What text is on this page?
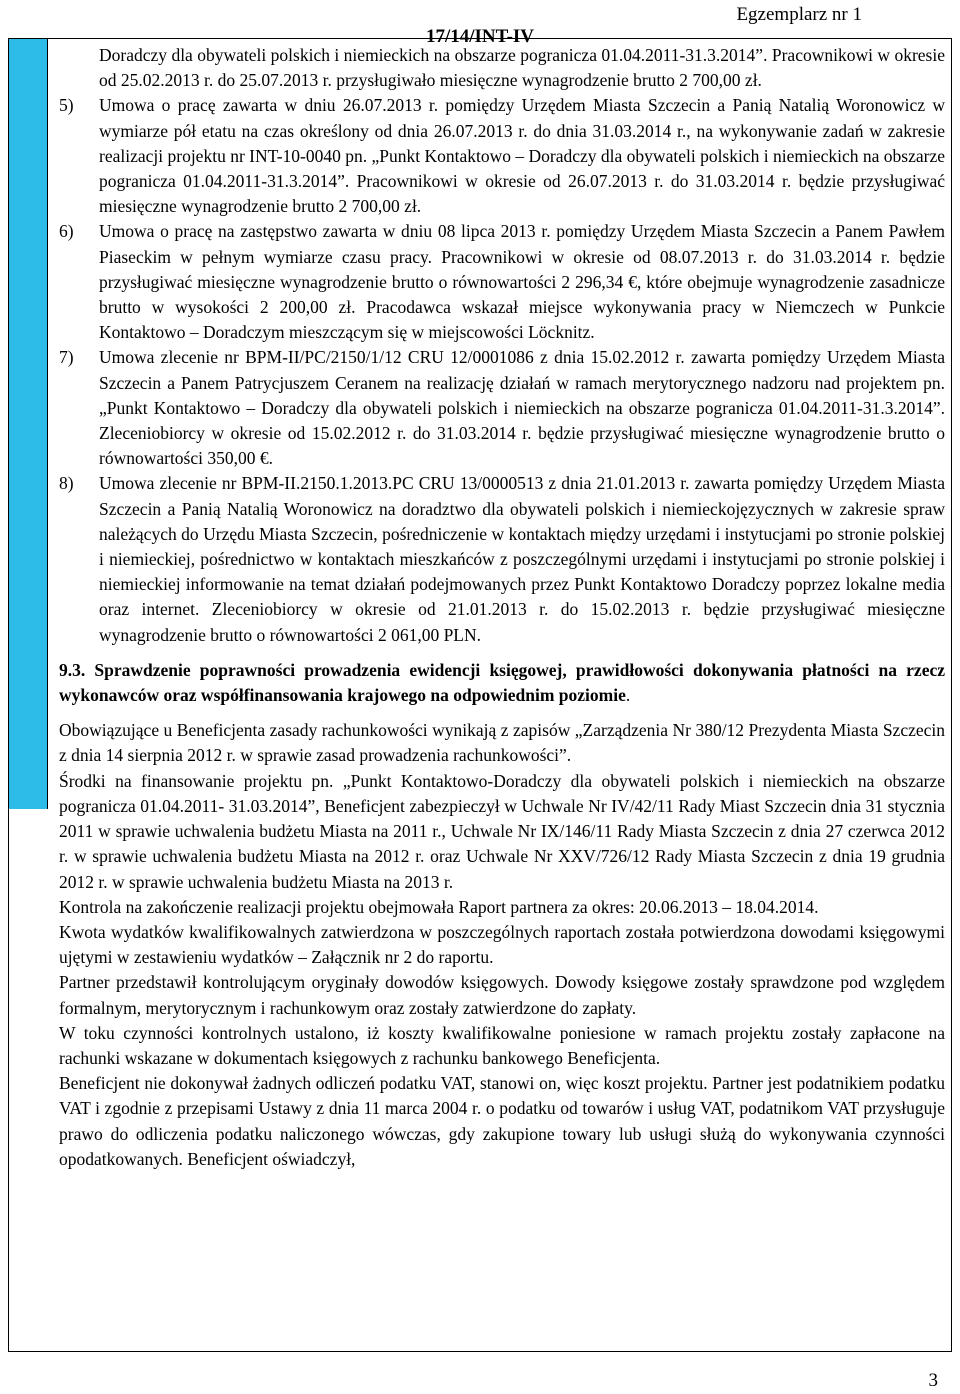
Egzemplarz nr 1
17/14/INT-IV

Doradczy dla obywateli polskich i niemieckich na obszarze pogranicza 01.04.2011-31.3.2014”. Pracownikowi w okresie od 25.02.2013 r. do 25.07.2013 r. przysługiwało miesięczne wynagrodzenie brutto 2 700,00 zł.

5) Umowa o pracę zawarta w dniu 26.07.2013 r. pomiędzy Urzędem Miasta Szczecin a Panią Natalią Woronowicz w wymiarze pół etatu na czas określony od dnia 26.07.2013 r. do dnia 31.03.2014 r., na wykonywanie zadań w zakresie realizacji projektu nr INT-10-0040 pn. „Punkt Kontaktowo – Doradczy dla obywateli polskich i niemieckich na obszarze pogranicza 01.04.2011-31.3.2014”. Pracownikowi w okresie od 26.07.2013 r. do 31.03.2014 r. będzie przysługiwać miesięczne wynagrodzenie brutto 2 700,00 zł.
6) Umowa o pracę na zastępstwo zawarta w dniu 08 lipca 2013 r. pomiędzy Urzędem Miasta Szczecin a Panem Pawłem Piaseckim w pełnym wymiarze czasu pracy. Pracownikowi w okresie od 08.07.2013 r. do 31.03.2014 r. będzie przysługiwać miesięczne wynagrodzenie brutto o równowartości 2 296,34 €, które obejmuje wynagrodzenie zasadnicze brutto w wysokości 2 200,00 zł. Pracodawca wskazał miejsce wykonywania pracy w Niemczech w Punkcie Kontaktowo – Doradczym mieszczącym się w miejscowości Löcknitz.
7) Umowa zlecenie nr BPM-II/PC/2150/1/12 CRU 12/0001086 z dnia 15.02.2012 r. zawarta pomiędzy Urzędem Miasta Szczecin a Panem Patrycjuszem Ceranem na realizację działań w ramach merytorycznego nadzoru nad projektem pn. „Punkt Kontaktowo – Doradczy dla obywateli polskich i niemieckich na obszarze pogranicza 01.04.2011-31.3.2014”. Zleceniobiorcy w okresie od 15.02.2012 r. do 31.03.2014 r. będzie przysługiwać miesięczne wynagrodzenie brutto o równowartości 350,00 €.
8) Umowa zlecenie nr BPM-II.2150.1.2013.PC CRU 13/0000513 z dnia 21.01.2013 r. zawarta pomiędzy Urzędem Miasta Szczecin a Panią Natalią Woronowicz na doradztwo dla obywateli polskich i niemieckojęzycznych w zakresie spraw należących do Urzędu Miasta Szczecin, pośredniczenie w kontaktach między urzędami i instytucjami po stronie polskiej i niemieckiej, pośrednictwo w kontaktach mieszkańców z poszczególnymi urzędami i instytucjami po stronie polskiej i niemieckiej informowanie na temat działań podejmowanych przez Punkt Kontaktowo Doradczy poprzez lokalne media oraz internet. Zleceniobiorcy w okresie od 21.01.2013 r. do 15.02.2013 r. będzie przysługiwać miesięczne wynagrodzenie brutto o równowartości 2 061,00 PLN.

9.3. Sprawdzenie poprawności prowadzenia ewidencji księgowej, prawidłowości dokonywania płatności na rzecz wykonawców oraz współfinansowania krajowego na odpowiednim poziomie.

Obowiązujące u Beneficjenta zasady rachunkowości wynikają z zapisów „Zarządzenia Nr 380/12 Prezydenta Miasta Szczecin z dnia 14 sierpnia 2012 r. w sprawie zasad prowadzenia rachunkowości”.

Środki na finansowanie projektu pn. „Punkt Kontaktowo-Doradczy dla obywateli polskich i niemieckich na obszarze pogranicza 01.04.2011- 31.03.2014”, Beneficjent zabezpieczył w Uchwale Nr IV/42/11 Rady Miast Szczecin dnia 31 stycznia 2011 w sprawie uchwalenia budżetu Miasta na 2011 r., Uchwale Nr IX/146/11 Rady Miasta Szczecin z dnia 27 czerwca 2012 r. w sprawie uchwalenia budżetu Miasta na 2012 r. oraz Uchwale Nr XXV/726/12 Rady Miasta Szczecin z dnia 19 grudnia 2012 r. w sprawie uchwalenia budżetu Miasta na 2013 r.

Kontrola na zakończenie realizacji projektu obejmowała Raport partnera za okres: 20.06.2013 – 18.04.2014.

Kwota wydatków kwalifikowalnych zatwierdzona w poszczególnych raportach została potwierdzona dowodami księgowymi ujętymi w zestawieniu wydatków – Załącznik nr 2 do raportu.

Partner przedstawił kontrolującym oryginały dowodów księgowych. Dowody księgowe zostały sprawdzone pod względem formalnym, merytorycznym i rachunkowym oraz zostały zatwierdzone do zapłaty.

W toku czynności kontrolnych ustalono, iż koszty kwalifikowalne poniesione w ramach projektu zostały zapłacone na rachunki wskazane w dokumentach księgowych z rachunku bankowego Beneficjenta.

Beneficjent nie dokonywał żadnych odliczeń podatku VAT, stanowi on, więc koszt projektu. Partner jest podatnikiem podatku VAT i zgodnie z przepisami Ustawy z dnia 11 marca 2004 r. o podatku od towarów i usług VAT, podatnikom VAT przysługuje prawo do odliczenia podatku naliczonego wówczas, gdy zakupione towary lub usługi służą do wykonywania czynności opodatkowanych. Beneficjent oświadczył,

3
